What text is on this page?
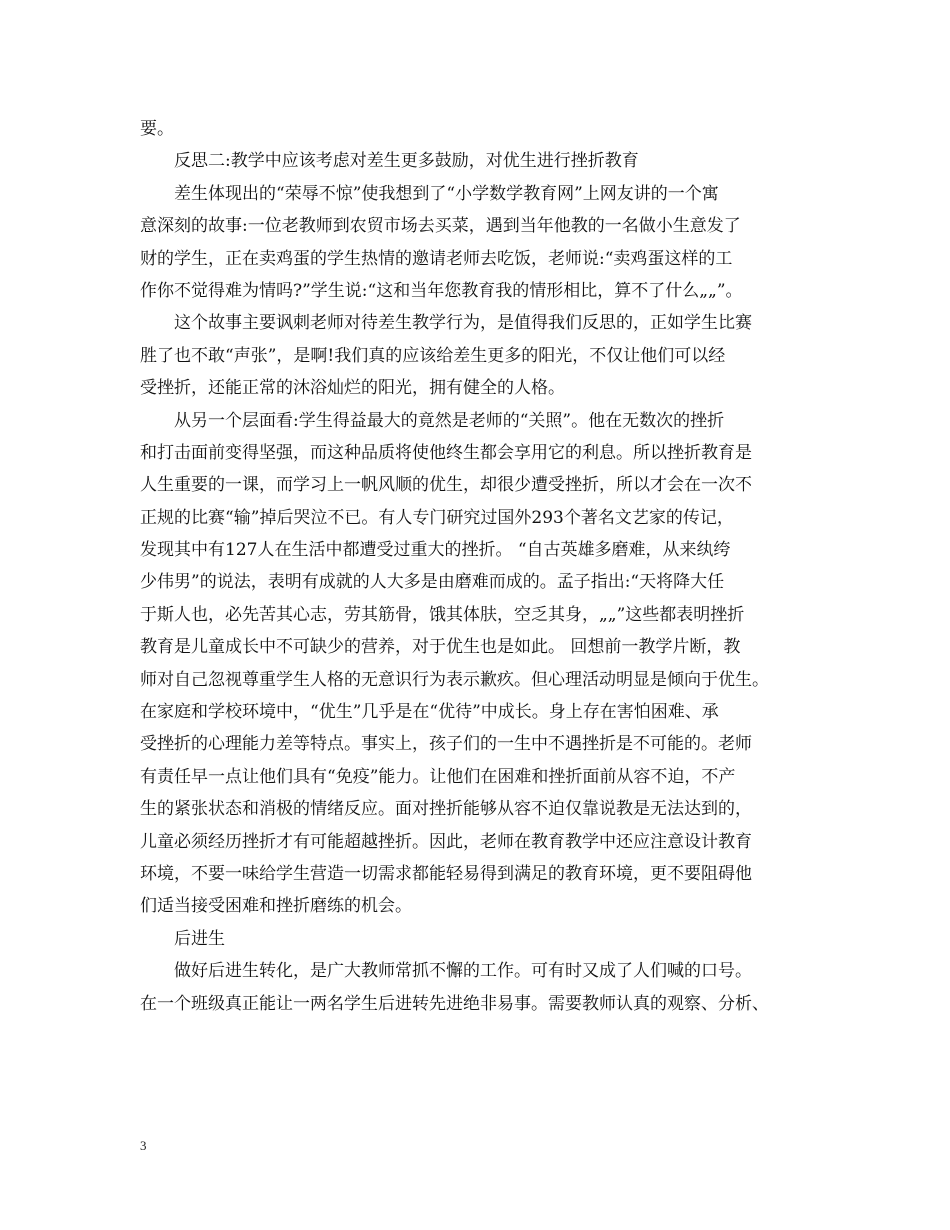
要。
反思二:教学中应该考虑对差生更多鼓励，对优生进行挫折教育
差生体现出的“荣辱不惊”使我想到了“小学数学教育网”上网友讲的一个寓
意深刻的故事:一位老教师到农贸市场去买菜，遇到当年他教的一名做小生意发了
财的学生，正在卖鸡蛋的学生热情的邀请老师去吃饭，老师说:“卖鸡蛋这样的工
作你不觉得难为情吗?”学生说:“这和当年您教育我的情形相比，算不了什么„„”。
这个故事主要讽刺老师对待差生教学行为，是值得我们反思的，正如学生比赛
胜了也不敢“声张”，是啊!我们真的应该给差生更多的阳光，不仅让他们可以经
受挫折，还能正常的沐浴灿烂的阳光，拥有健全的人格。
从另一个层面看:学生得益最大的竟然是老师的“关照”。他在无数次的挫折
和打击面前变得坚强，而这种品质将使他终生都会享用它的利息。所以挫折教育是
人生重要的一课，而学习上一帆风顺的优生，却很少遭受挫折，所以才会在一次不
正规的比赛“输”掉后哭泣不已。有人专门研究过国外293个著名文艺家的传记，
发现其中有127人在生活中都遭受过重大的挫折。 “自古英雄多磨难，从来纨绔
少伟男”的说法，表明有成就的人大多是由磨难而成的。孟子指出:“天将降大任
于斯人也，必先苦其心志，劳其筋骨，饿其体肤，空乏其身，„„”这些都表明挫折
教育是儿童成长中不可缺少的营养，对于优生也是如此。 回想前一教学片断，教
师对自己忽视尊重学生人格的无意识行为表示歉疚。但心理活动明显是倾向于优生。
在家庭和学校环境中，“优生”几乎是在“优待”中成长。身上存在害怕困难、承
受挫折的心理能力差等特点。事实上，孩子们的一生中不遇挫折是不可能的。老师
有责任早一点让他们具有“免疫”能力。让他们在困难和挫折面前从容不迫，不产
生的紧张状态和消极的情绪反应。面对挫折能够从容不迫仅靠说教是无法达到的，
儿童必须经历挫折才有可能超越挫折。因此，老师在教育教学中还应注意设计教育
环境，不要一味给学生营造一切需求都能轻易得到满足的教育环境，更不要阻碍他
们适当接受困难和挫折磨练的机会。
后进生
做好后进生转化，是广大教师常抓不懈的工作。可有时又成了人们喊的口号。
在一个班级真正能让一两名学生后进转先进绝非易事。需要教师认真的观察、分析、
3
